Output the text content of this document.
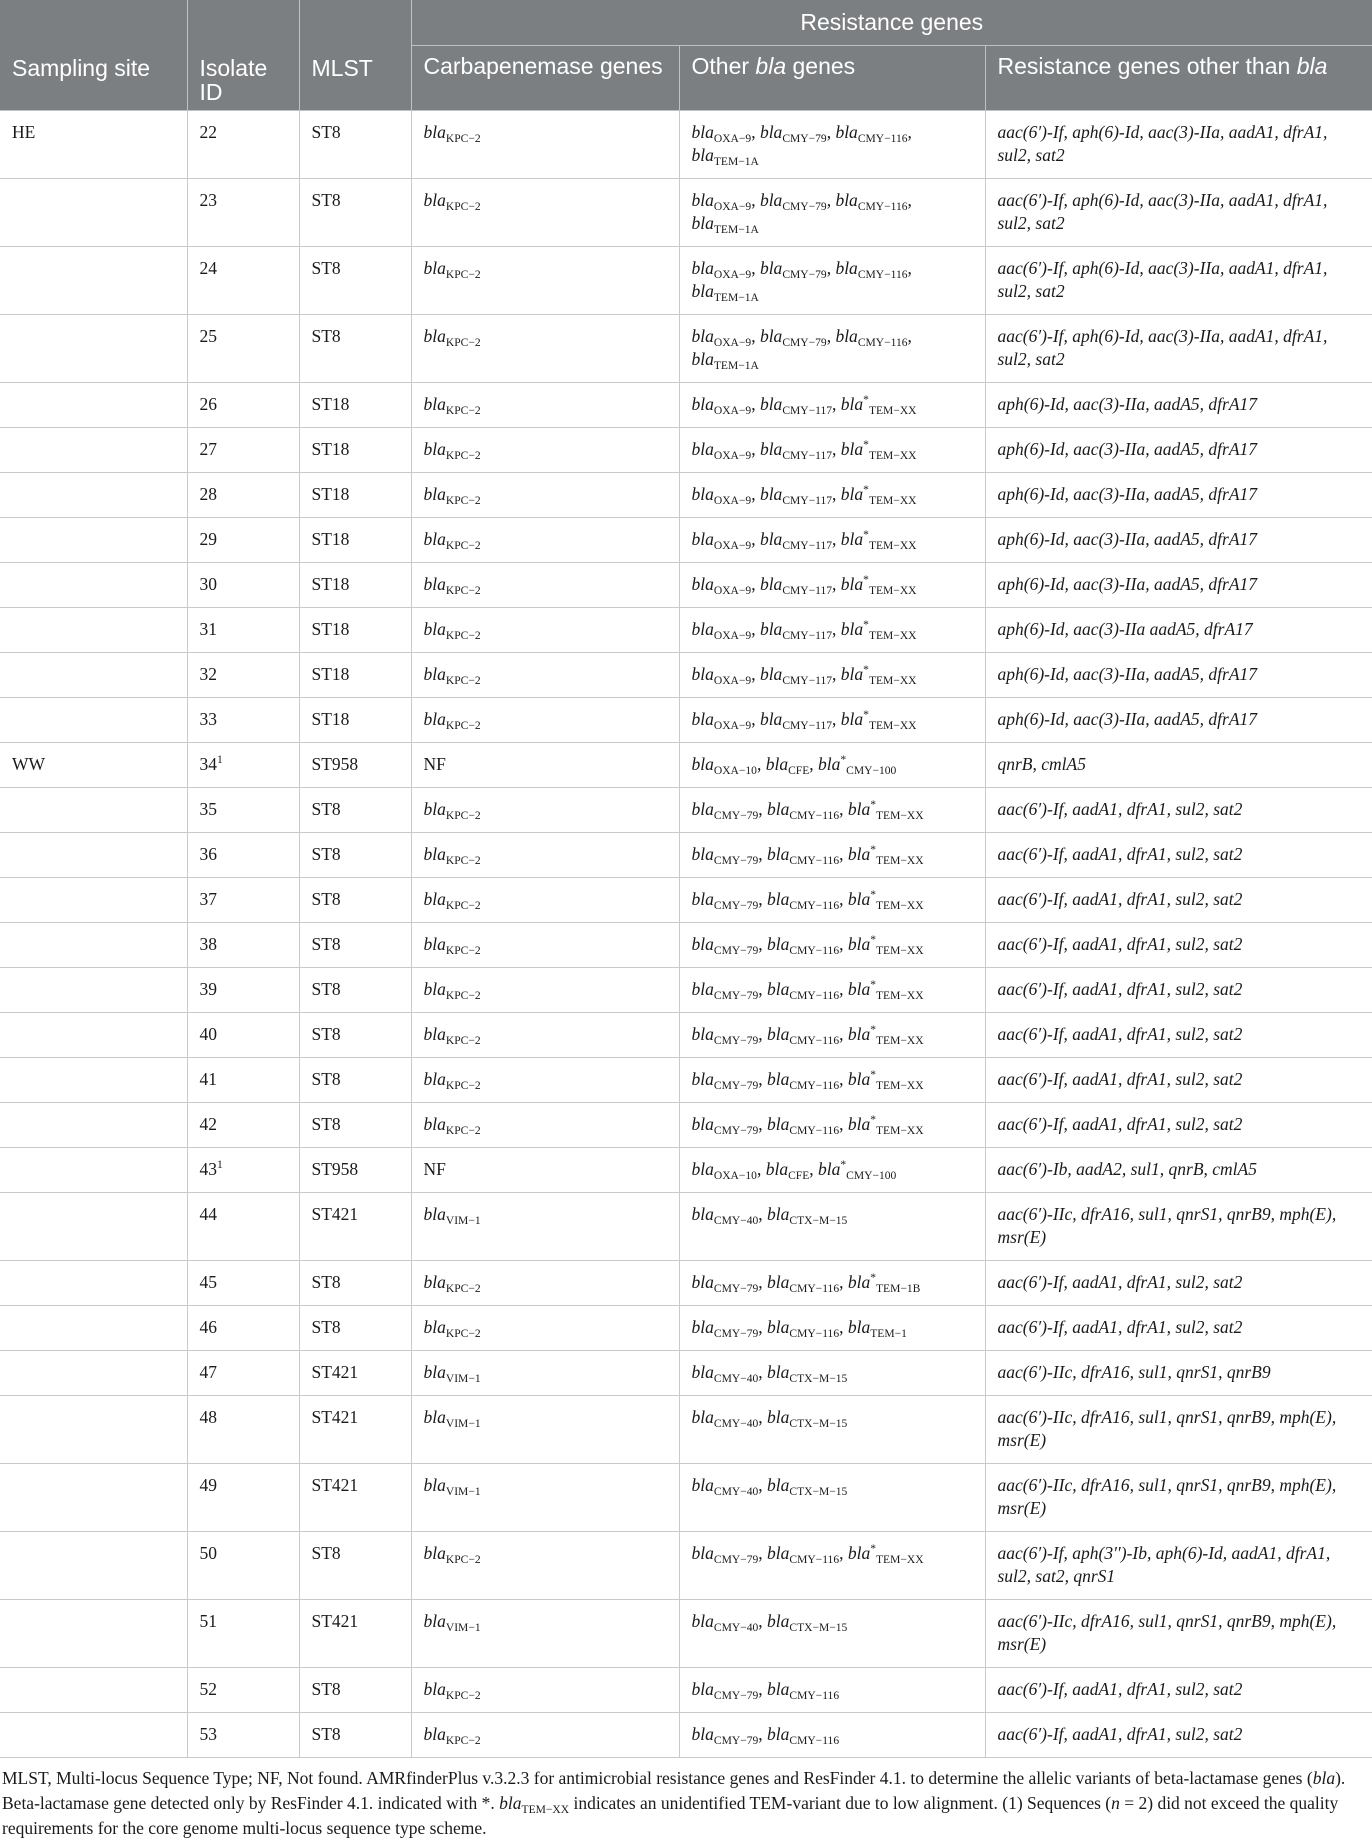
Sampling site	Isolate ID	MLST	Resistance genes		
			Carbapenemase genes	Other bla genes	Resistance genes other than bla
HE	22	ST8	bla$_{KPC-2}$	bla$_{OXA-9}$, bla$_{CMY-79}$, bla$_{CMY-116}$, bla$_{TEM-1A}$	aac(6′)-If, aph(6)-Id, aac(3)-IIa, aadA1, dfrA1, sul2, sat2
	23	ST8	bla$_{KPC-2}$	bla$_{OXA-9}$, bla$_{CMY-79}$, bla$_{CMY-116}$, bla$_{TEM-1A}$	aac(6′)-If, aph(6)-Id, aac(3)-IIa, aadA1, dfrA1, sul2, sat2
	24	ST8	bla$_{KPC-2}$	bla$_{OXA-9}$, bla$_{CMY-79}$, bla$_{CMY-116}$, bla$_{TEM-1A}$	aac(6′)-If, aph(6)-Id, aac(3)-IIa, aadA1, dfrA1, sul2, sat2
	25	ST8	bla$_{KPC-2}$	bla$_{OXA-9}$, bla$_{CMY-79}$, bla$_{CMY-116}$, bla$_{TEM-1A}$	aac(6′)-If, aph(6)-Id, aac(3)-IIa, aadA1, dfrA1, sul2, sat2
	26	ST18	bla$_{KPC-2}$	bla$_{OXA-9}$, bla$_{CMY-117}$, bla*$_{TEM-XX}$	aph(6)-Id, aac(3)-IIa, aadA5, dfrA17
	27	ST18	bla$_{KPC-2}$	bla$_{OXA-9}$, bla$_{CMY-117}$, bla*$_{TEM-XX}$	aph(6)-Id, aac(3)-IIa, aadA5, dfrA17
	28	ST18	bla$_{KPC-2}$	bla$_{OXA-9}$, bla$_{CMY-117}$, bla*$_{TEM-XX}$	aph(6)-Id, aac(3)-IIa, aadA5, dfrA17
	29	ST18	bla$_{KPC-2}$	bla$_{OXA-9}$, bla$_{CMY-117}$, bla*$_{TEM-XX}$	aph(6)-Id, aac(3)-IIa, aadA5, dfrA17
	30	ST18	bla$_{KPC-2}$	bla$_{OXA-9}$, bla$_{CMY-117}$, bla*$_{TEM-XX}$	aph(6)-Id, aac(3)-IIa, aadA5, dfrA17
	31	ST18	bla$_{KPC-2}$	bla$_{OXA-9}$, bla$_{CMY-117}$, bla*$_{TEM-XX}$	aph(6)-Id, aac(3)-IIa aadA5, dfrA17
	32	ST18	bla$_{KPC-2}$	bla$_{OXA-9}$, bla$_{CMY-117}$, bla*$_{TEM-XX}$	aph(6)-Id, aac(3)-IIa, aadA5, dfrA17
	33	ST18	bla$_{KPC-2}$	bla$_{OXA-9}$, bla$_{CMY-117}$, bla*$_{TEM-XX}$	aph(6)-Id, aac(3)-IIa, aadA5, dfrA17
WW	$34^1$	ST958	NF	bla$_{OXA-10}$, bla$_{CFE}$, bla*$_{CMY-100}$	qnrB, cmlA5
	35	ST8	bla$_{KPC-2}$	bla$_{CMY-79}$, bla$_{CMY-116}$, bla*$_{TEM-XX}$	aac(6′)-If, aadA1, dfrA1, sul2, sat2
	36	ST8	bla$_{KPC-2}$	bla$_{CMY-79}$, bla$_{CMY-116}$, bla*$_{TEM-XX}$	aac(6′)-If, aadA1, dfrA1, sul2, sat2
	37	ST8	bla$_{KPC-2}$	bla$_{CMY-79}$, bla$_{CMY-116}$, bla*$_{TEM-XX}$	aac(6′)-If, aadA1, dfrA1, sul2, sat2
	38	ST8	bla$_{KPC-2}$	bla$_{CMY-79}$, bla$_{CMY-116}$, bla*$_{TEM-XX}$	aac(6′)-If, aadA1, dfrA1, sul2, sat2
	39	ST8	bla$_{KPC-2}$	bla$_{CMY-79}$, bla$_{CMY-116}$, bla*$_{TEM-XX}$	aac(6′)-If, aadA1, dfrA1, sul2, sat2
	40	ST8	bla$_{KPC-2}$	bla$_{CMY-79}$, bla$_{CMY-116}$, bla*$_{TEM-XX}$	aac(6′)-If, aadA1, dfrA1, sul2, sat2
	41	ST8	bla$_{KPC-2}$	bla$_{CMY-79}$, bla$_{CMY-116}$, bla*$_{TEM-XX}$	aac(6′)-If, aadA1, dfrA1, sul2, sat2
	42	ST8	bla$_{KPC-2}$	bla$_{CMY-79}$, bla$_{CMY-116}$, bla*$_{TEM-XX}$	aac(6′)-If, aadA1, dfrA1, sul2, sat2
	$43^1$	ST958	NF	bla$_{OXA-10}$, bla$_{CFE}$, bla*$_{CMY-100}$	aac(6′)-Ib, aadA2, sul1, qnrB, cmlA5
	44	ST421	bla$_{VIM-1}$	bla$_{CMY-40}$, bla$_{CTX-M-15}$	aac(6′)-IIc, dfrA16, sul1, qnrS1, qnrB9, mph(E), msr(E)
	45	ST8	bla$_{KPC-2}$	bla$_{CMY-79}$, bla$_{CMY-116}$, bla*$_{TEM-1B}$	aac(6′)-If, aadA1, dfrA1, sul2, sat2
	46	ST8	bla$_{KPC-2}$	bla$_{CMY-79}$, bla$_{CMY-116}$, bla$_{TEM-1}$	aac(6′)-If, aadA1, dfrA1, sul2, sat2
	47	ST421	bla$_{VIM-1}$	bla$_{CMY-40}$, bla$_{CTX-M-15}$	aac(6′)-IIc, dfrA16, sul1, qnrS1, qnrB9
	48	ST421	bla$_{VIM-1}$	bla$_{CMY-40}$, bla$_{CTX-M-15}$	aac(6′)-IIc, dfrA16, sul1, qnrS1, qnrB9, mph(E), msr(E)
	49	ST421	bla$_{VIM-1}$	bla$_{CMY-40}$, bla$_{CTX-M-15}$	aac(6′)-IIc, dfrA16, sul1, qnrS1, qnrB9, mph(E), msr(E)
	50	ST8	bla$_{KPC-2}$	bla$_{CMY-79}$, bla$_{CMY-116}$, bla*$_{TEM-XX}$	aac(6′)-If, aph(3′′)-Ib, aph(6)-Id, aadA1, dfrA1, sul2, sat2, qnrS1
	51	ST421	bla$_{VIM-1}$	bla$_{CMY-40}$, bla$_{CTX-M-15}$	aac(6′)-IIc, dfrA16, sul1, qnrS1, qnrB9, mph(E), msr(E)
	52	ST8	bla$_{KPC-2}$	bla$_{CMY-79}$, bla$_{CMY-116}$	aac(6′)-If, aadA1, dfrA1, sul2, sat2
	53	ST8	bla$_{KPC-2}$	bla$_{CMY-79}$, bla$_{CMY-116}$	aac(6′)-If, aadA1, dfrA1, sul2, sat2
MLST, Multi-locus Sequence Type; NF, Not found. AMRfinderPlus v.3.2.3 for antimicrobial resistance genes and ResFinder 4.1. to determine the allelic variants of beta-lactamase genes (bla).
Beta-lactamase gene detected only by ResFinder 4.1. indicated with *. bla$_{TEM-XX}$ indicates an unidentified TEM-variant due to low alignment. (1) Sequences (n = 2) did not exceed the quality requirements for the core genome multi-locus sequence type scheme.
